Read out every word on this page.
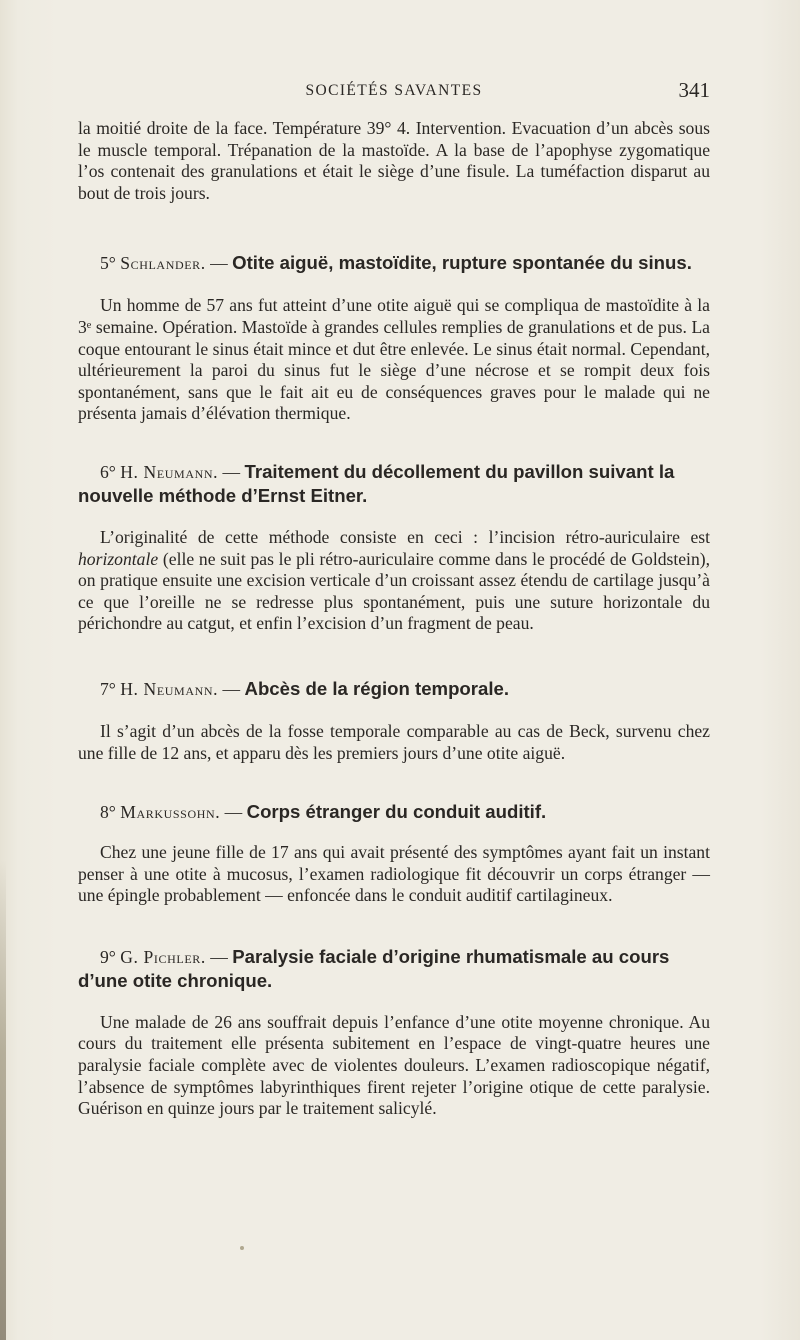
SOCIÉTÉS SAVANTES	341

la moitié droite de la face. Température 39° 4. Intervention. Evacuation d’un abcès sous le muscle temporal. Trépanation de la mastoïde. A la base de l’apophyse zygomatique l’os contenait des granulations et était le siège d’une fisule. La tuméfaction disparut au bout de trois jours.

5° Schlander. — Otite aiguë, mastoïdite, rupture spontanée du sinus.

Un homme de 57 ans fut atteint d’une otite aiguë qui se compliqua de mastoïdite à la 3ᵉ semaine. Opération. Mastoïde à grandes cellules remplies de granulations et de pus. La coque entourant le sinus était mince et dut être enlevée. Le sinus était normal. Cependant, ultérieurement la paroi du sinus fut le siège d’une nécrose et se rompit deux fois spontanément, sans que le fait ait eu de conséquences graves pour le malade qui ne présenta jamais d’élévation thermique.

6° H. Neumann. — Traitement du décollement du pavillon suivant la nouvelle méthode d’Ernst Eitner.

L’originalité de cette méthode consiste en ceci : l’incision rétro-auriculaire est horizontale (elle ne suit pas le pli rétro-auriculaire comme dans le procédé de Goldstein), on pratique ensuite une excision verticale d’un croissant assez étendu de cartilage jusqu’à ce que l’oreille ne se redresse plus spontanément, puis une suture horizontale du périchondre au catgut, et enfin l’excision d’un fragment de peau.

7° H. Neumann. — Abcès de la région temporale.

Il s’agit d’un abcès de la fosse temporale comparable au cas de Beck, survenu chez une fille de 12 ans, et apparu dès les premiers jours d’une otite aiguë.

8° Markussohn. — Corps étranger du conduit auditif.

Chez une jeune fille de 17 ans qui avait présenté des symptômes ayant fait un instant penser à une otite à mucosus, l’examen radiologique fit découvrir un corps étranger — une épingle probablement — enfoncée dans le conduit auditif cartilagineux.

9° G. Pichler. — Paralysie faciale d’origine rhumatismale au cours d’une otite chronique.

Une malade de 26 ans souffrait depuis l’enfance d’une otite moyenne chronique. Au cours du traitement elle présenta subitement en l’espace de vingt-quatre heures une paralysie faciale complète avec de violentes douleurs. L’examen radioscopique négatif, l’absence de symptômes labyrinthiques firent rejeter l’origine otique de cette paralysie. Guérison en quinze jours par le traitement salicylé.
